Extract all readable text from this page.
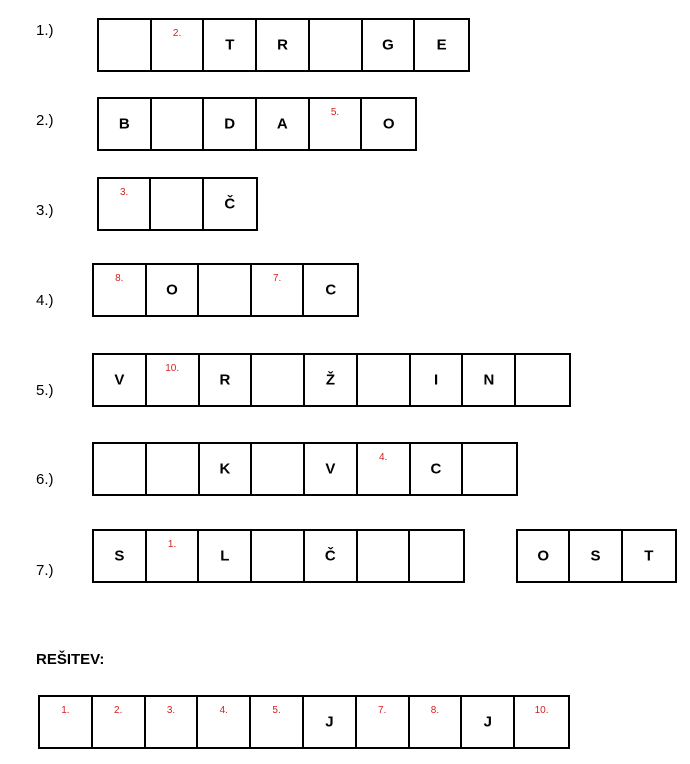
1.)	2.
T	R	G	E
2.)	B	D	A
5.
O
3.)
3.
Č
4.)
8.
O
7.
C
5.)
V
10.
R	Ž	I	N
6.)
K	V
4.
C
7.)
S
1.
L	Č	O	S	T
REŠITEV:
1.	2.	3.	4.	5.
J
7.	8.
J
10.
